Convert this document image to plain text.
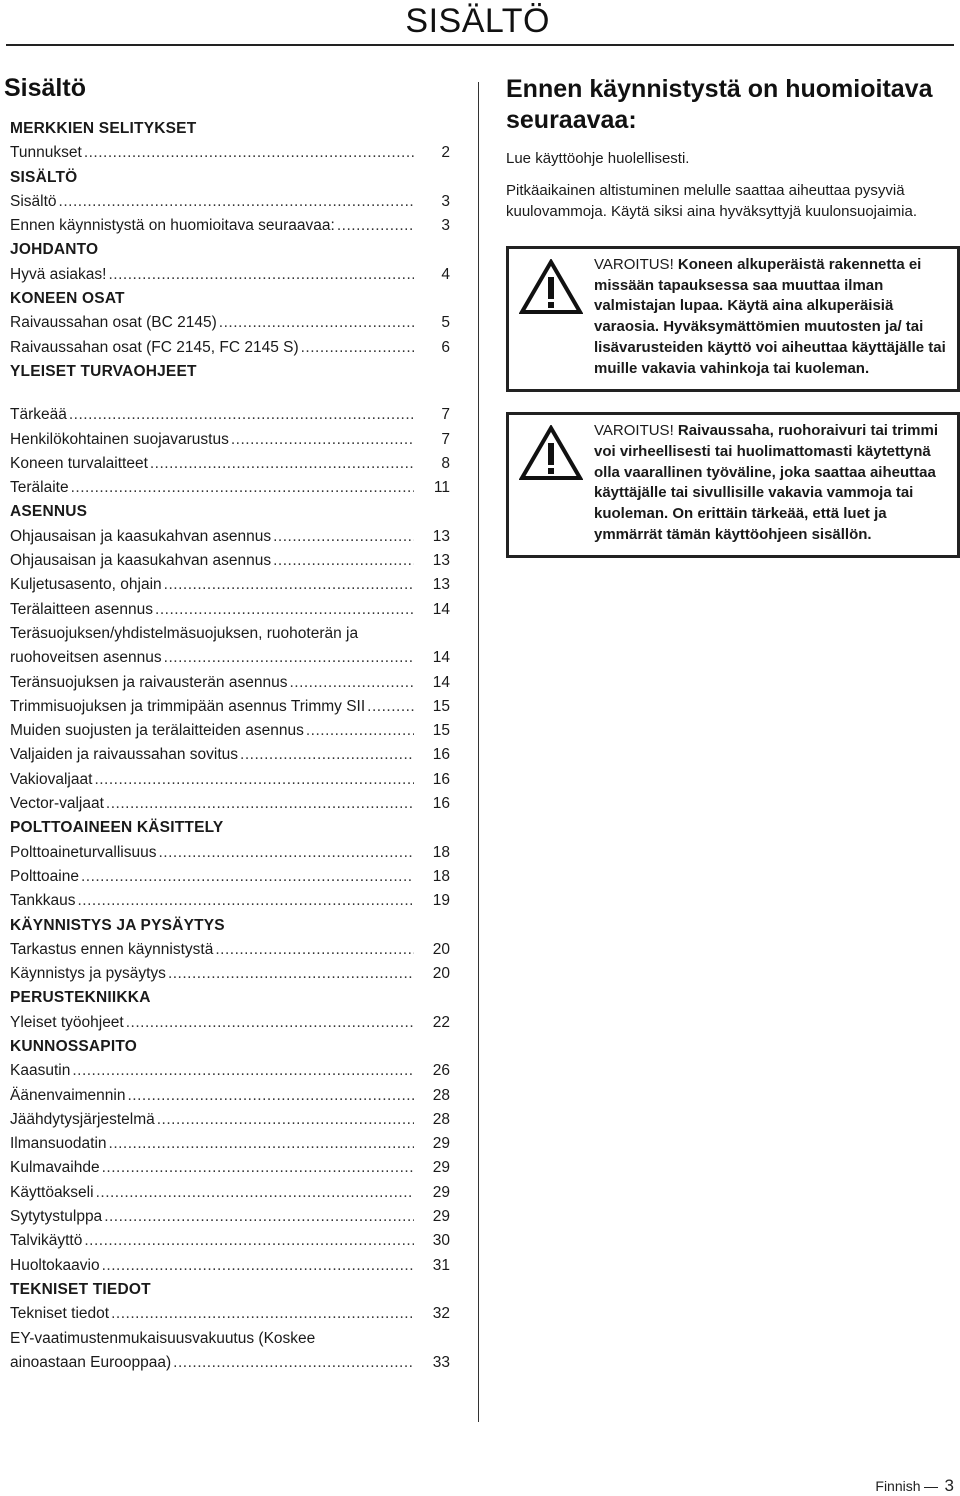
SISÄLTÖ
Sisältö
MERKKIEN SELITYKSET
Tunnukset .....	2
SISÄLTÖ
Sisältö .....	3
Ennen käynnistystä on huomioitava seuraavaa: .....	3
JOHDANTO
Hyvä asiakas! .....	4
KONEEN OSAT
Raivaussahan osat (BC 2145) .....	5
Raivaussahan osat (FC 2145, FC 2145 S) .....	6
YLEISET TURVAOHJEET
Tärkeää .....	7
Henkilökohtainen suojavarustus .....	7
Koneen turvalaitteet .....	8
Terälaite .....	11
ASENNUS
Ohjausaisan ja kaasukahvan asennus .....	13
Ohjausaisan ja kaasukahvan asennus .....	13
Kuljetusasento, ohjain .....	13
Terälaitteen asennus .....	14
Teräsuojuksen/yhdistelmäsuojuksen, ruohoterän ja
ruohoveitsen asennus .....	14
Teränsuojuksen ja raivausterän asennus .....	14
Trimmisuojuksen ja trimmipään asennus Trimmy SII .....	15
Muiden suojusten ja terälaitteiden asennus .....	15
Valjaiden ja raivaussahan sovitus .....	16
Vakiovaljaat .....	16
Vector-valjaat .....	16
POLTTOAINEEN KÄSITTELY
Polttoaineturvallisuus .....	18
Polttoaine .....	18
Tankkaus .....	19
KÄYNNISTYS JA PYSÄYTYS
Tarkastus ennen käynnistystä .....	20
Käynnistys ja pysäytys .....	20
PERUSTEKNIIKKA
Yleiset työohjeet .....	22
KUNNOSSAPITO
Kaasutin .....	26
Äänenvaimennin .....	28
Jäähdytysjärjestelmä .....	28
Ilmansuodatin .....	29
Kulmavaihde .....	29
Käyttöakseli .....	29
Sytytystulppa .....	29
Talvikäyttö .....	30
Huoltokaavio .....	31
TEKNISET TIEDOT
Tekniset tiedot .....	32
EY-vaatimustenmukaisuusvakuutus (Koskee
ainoastaan Eurooppaa) .....	33
Ennen käynnistystä on huomioitava seuraavaa:

Lue käyttöohje huolellisesti.

Pitkäaikainen altistuminen melulle saattaa aiheuttaa pysyviä kuulovammoja. Käytä siksi aina hyväksyttyjä kuulonsuojaimia.

VAROITUS! Koneen alkuperäistä rakennetta ei missään tapauksessa saa muuttaa ilman valmistajan lupaa. Käytä aina alkuperäisiä varaosia. Hyväksymättömien muutosten ja/ tai lisävarusteiden käyttö voi aiheuttaa käyttäjälle tai muille vakavia vahinkoja tai kuoleman.
VAROITUS! Raivaussaha, ruohoraivuri tai trimmi voi virheellisesti tai huolimattomasti käytettynä olla vaarallinen työväline, joka saattaa aiheuttaa käyttäjälle tai sivullisille vakavia vammoja tai kuoleman. On erittäin tärkeää, että luet ja ymmärrät tämän käyttöohjeen sisällön.
Finnish 3
